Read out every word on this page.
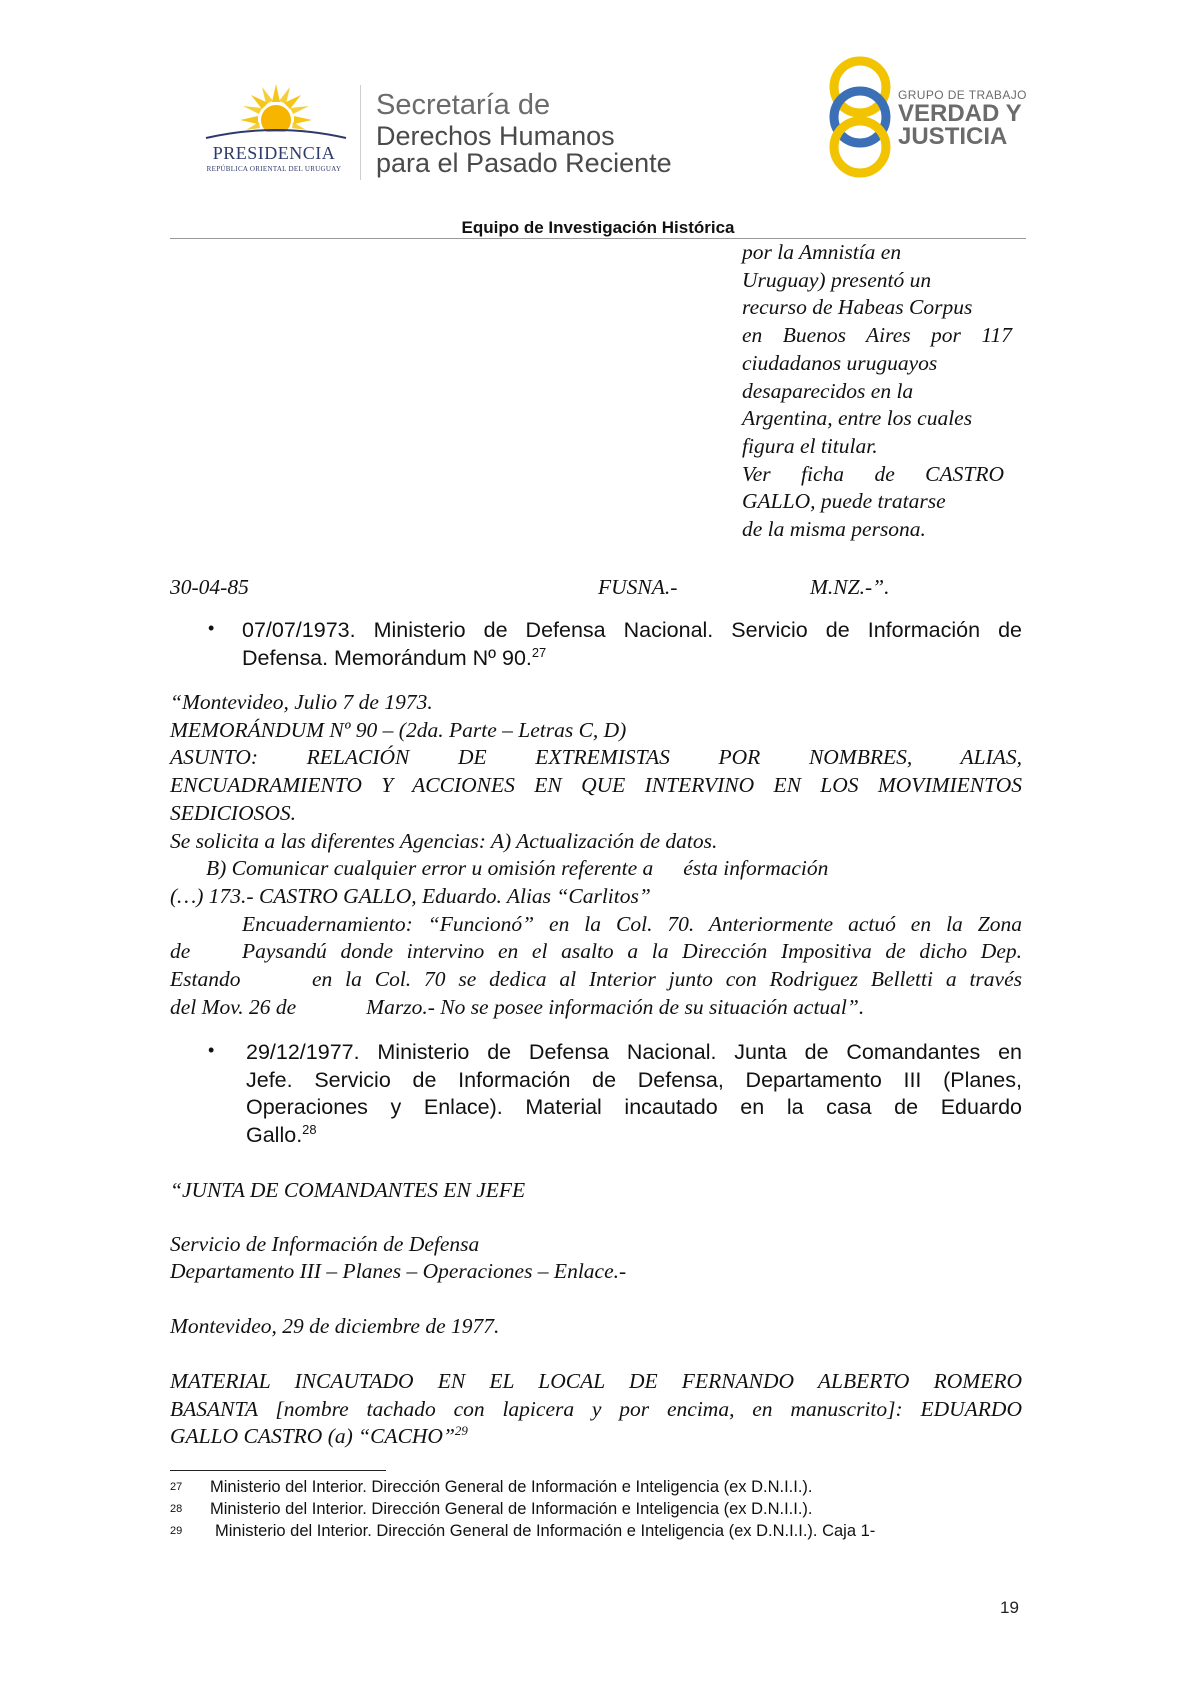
PRESIDENCIA
REPÚBLICA ORIENTAL DEL URUGUAY
Secretaría de
Derechos Humanos
para el Pasado Reciente
GRUPO DE TRABAJO
VERDAD Y
JUSTICIA
Equipo de Investigación Histórica
por la Amnistía en
Uruguay) presentó un
recurso de Habeas Corpus
en Buenos Aires por 117
ciudadanos uruguayos
desaparecidos en la
Argentina, entre los cuales
figura el titular.
Ver ficha de CASTRO
GALLO, puede tratarse
de la misma persona.
30-04-85	FUSNA.-	M.NZ.-”.
• 07/07/1973. Ministerio de Defensa Nacional. Servicio de Información de
Defensa. Memorándum Nº 90.27
“Montevideo, Julio 7 de 1973.
MEMORÁNDUM Nº 90 – (2da. Parte – Letras C, D)
ASUNTO: RELACIÓN DE EXTREMISTAS POR NOMBRES, ALIAS,
ENCUADRAMIENTO Y ACCIONES EN QUE INTERVINO EN LOS MOVIMIENTOS
SEDICIOSOS.
Se solicita a las diferentes Agencias: A) Actualización de datos.
B) Comunicar cualquier error u omisión referente a ésta información
(…) 173.- CASTRO GALLO, Eduardo. Alias “Carlitos”
Encuadernamiento: “Funcionó” en la Col. 70. Anteriormente actuó en la Zona
de	Paysandú donde intervino en el asalto a la Dirección Impositiva de dicho Dep.
Estando	en la Col. 70 se dedica al Interior junto con Rodriguez Belletti a través
del Mov. 26 de	Marzo.- No se posee información de su situación actual”.
• 29/12/1977. Ministerio de Defensa Nacional. Junta de Comandantes en
Jefe. Servicio de Información de Defensa, Departamento III (Planes,
Operaciones y Enlace). Material incautado en la casa de Eduardo
Gallo.$^{28}$
“JUNTA DE COMANDANTES EN JEFE
Servicio de Información de Defensa
Departamento III – Planes – Operaciones – Enlace.-
Montevideo, 29 de diciembre de 1977.
MATERIAL INCAUTADO EN EL LOCAL DE FERNANDO ALBERTO ROMERO
BASANTA [nombre tachado con lapicera y por encima, en manuscrito]: EDUARDO
GALLO CASTRO (a) “CACHO”$^{29}$
27 Ministerio del Interior. Dirección General de Información e Inteligencia (ex D.N.I.I.).
28 Ministerio del Interior. Dirección General de Información e Inteligencia (ex D.N.I.I.).
29 Ministerio del Interior. Dirección General de Información e Inteligencia (ex D.N.I.I.). Caja 1-
19
